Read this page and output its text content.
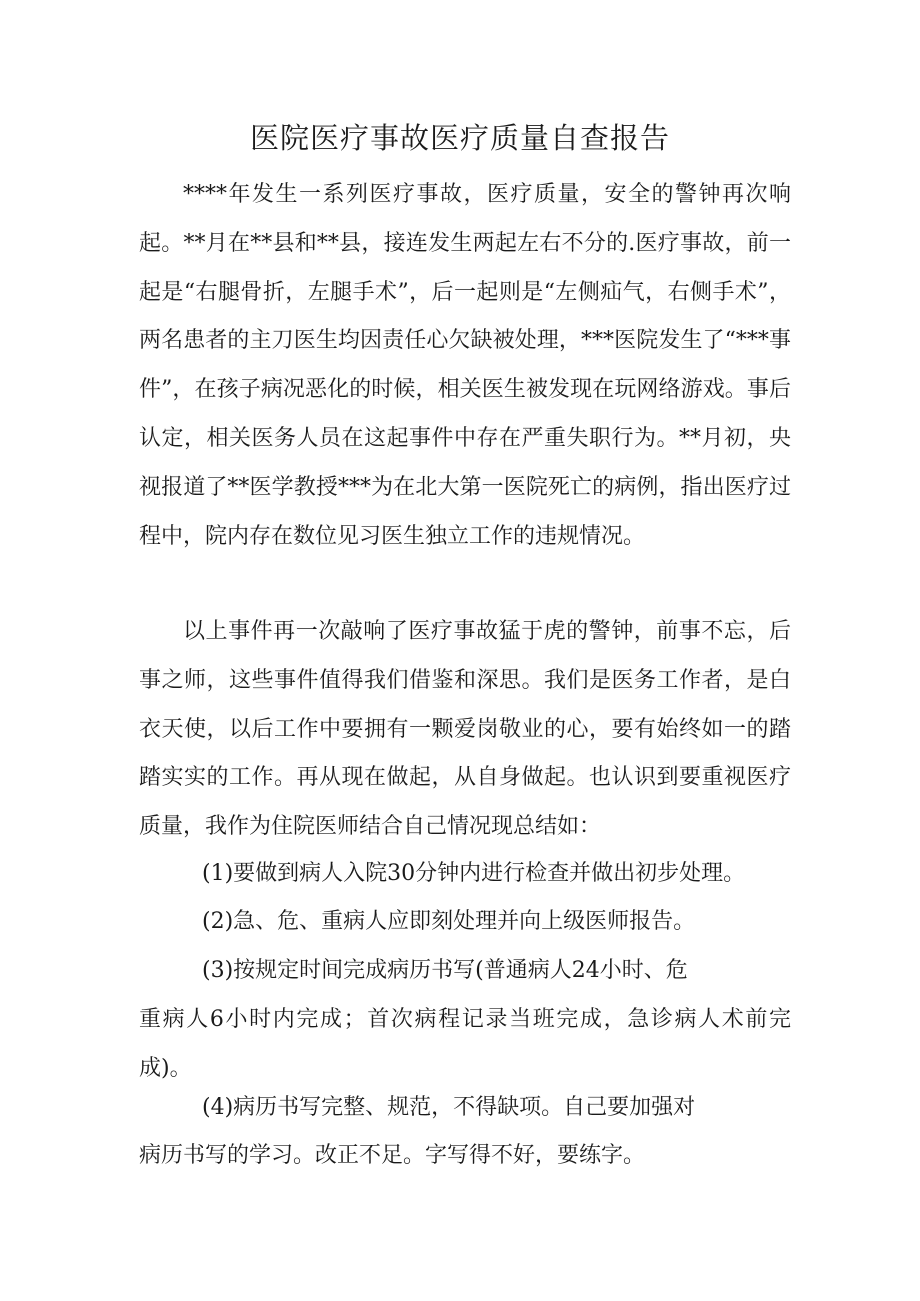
医院医疗事故医疗质量自查报告
****年发生一系列医疗事故，医疗质量，安全的警钟再次响起。**月在**县和**县，接连发生两起左右不分的.医疗事故，前一起是“右腿骨折，左腿手术”，后一起则是“左侧疝气，右侧手术”，两名患者的主刀医生均因责任心欠缺被处理，***医院发生了“***事件”，在孩子病况恶化的时候，相关医生被发现在玩网络游戏。事后认定，相关医务人员在这起事件中存在严重失职行为。**月初，央视报道了**医学教授***为在北大第一医院死亡的病例，指出医疗过程中，院内存在数位见习医生独立工作的违规情况。
以上事件再一次敲响了医疗事故猛于虎的警钟，前事不忘，后事之师，这些事件值得我们借鉴和深思。我们是医务工作者，是白衣天使，以后工作中要拥有一颗爱岗敬业的心，要有始终如一的踏踏实实的工作。再从现在做起，从自身做起。也认识到要重视医疗质量，我作为住院医师结合自己情况现总结如：
(1)要做到病人入院30分钟内进行检查并做出初步处理。
(2)急、危、重病人应即刻处理并向上级医师报告。
(3)按规定时间完成病历书写(普通病人24小时、危
重病人6小时内完成；首次病程记录当班完成，急诊病人术前完成)。
(4)病历书写完整、规范，不得缺项。自己要加强对
病历书写的学习。改正不足。字写得不好，要练字。
